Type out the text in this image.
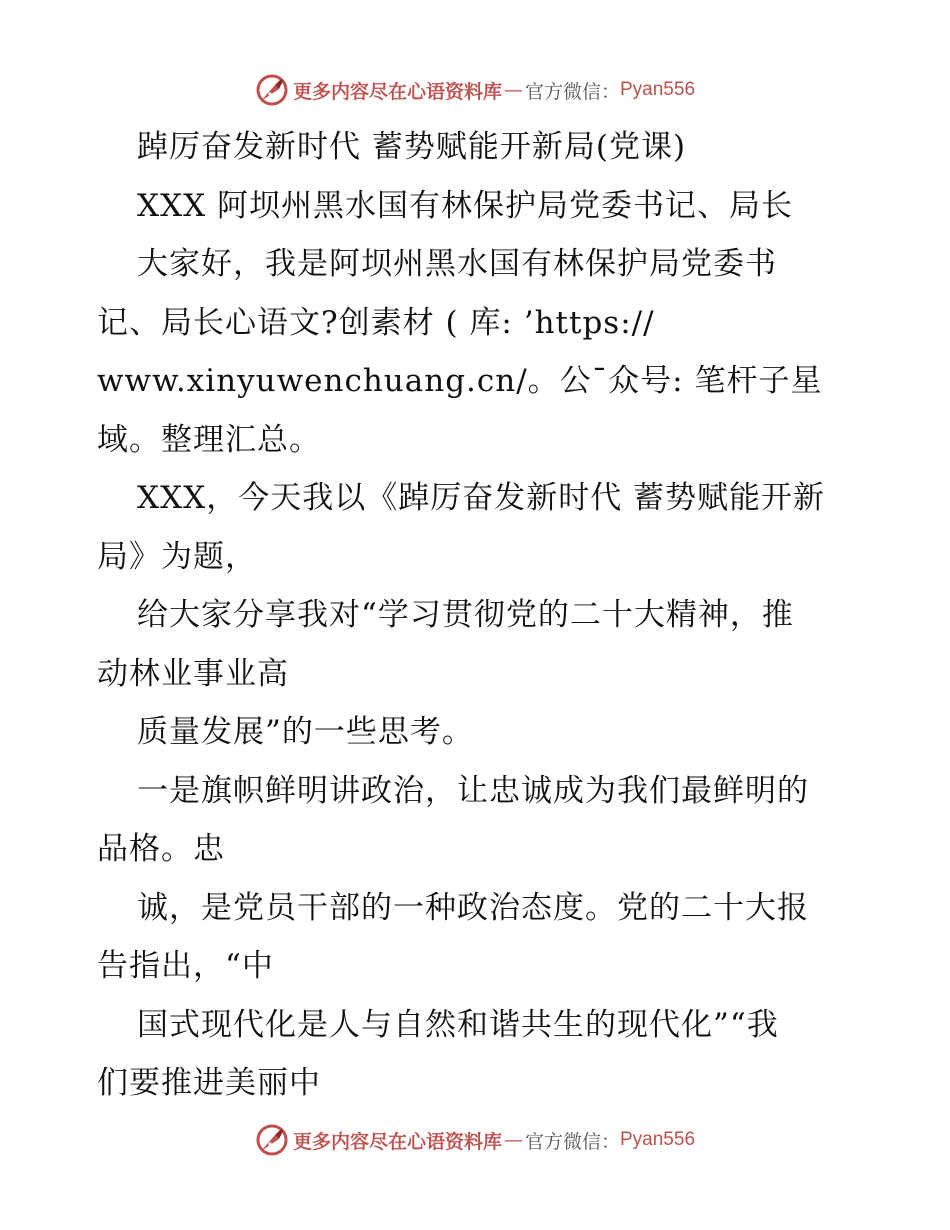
更多内容尽在心语资料库 — 官方微信： Pyan556
踔厉奋发新时代 蓄势赋能开新局(党课)
XXX 阿坝州黑水国有林保护局党委书记、局长
大家好，我是阿坝州黑水国有林保护局党委书
记、局长心语文?创素材 ( 库: ’https://
www.xinyuwenchuang.cn/。公¯众号: 笔杆子星
域。整理汇总。
XXX，今天我以《踔厉奋发新时代 蓄势赋能开新
局》为题，
给大家分享我对“学习贯彻党的二十大精神，推
动林业事业高
质量发展”的一些思考。
一是旗帜鲜明讲政治，让忠诚成为我们最鲜明的
品格。忠
诚，是党员干部的一种政治态度。党的二十大报
告指出，“中
国式现代化是人与自然和谐共生的现代化”“我
们要推进美丽中
更多内容尽在心语资料库 — 官方微信： Pyan556
